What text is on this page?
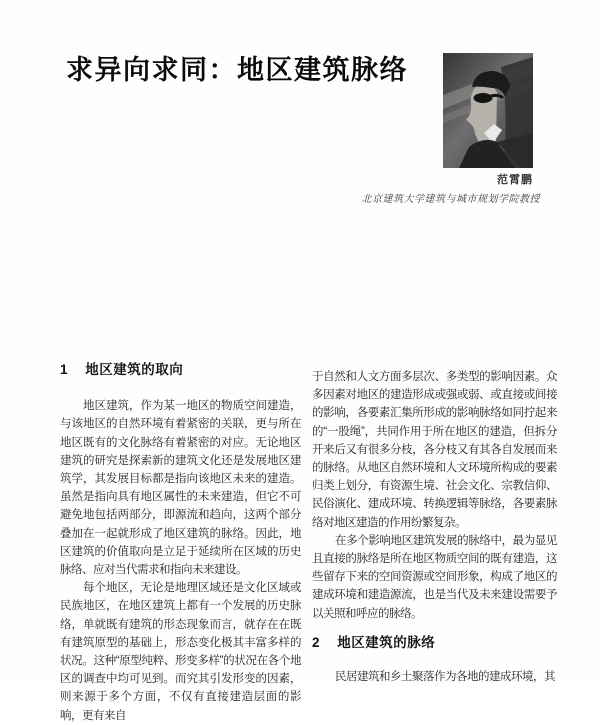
求异向求同：地区建筑脉络
范霄鹏
北京建筑大学建筑与城市规划学院教授
1 地区建筑的取向

地区建筑，作为某一地区的物质空间建造，与该地区的自然环境有着紧密的关联，更与所在地区既有的文化脉络有着紧密的对应。无论地区建筑的研究是探索新的建筑文化还是发展地区建筑学，其发展目标都是指向该地区未来的建造。虽然是指向具有地区属性的未来建造，但它不可避免地包括两部分，即源流和趋向，这两个部分叠加在一起就形成了地区建筑的脉络。因此，地区建筑的价值取向是立足于延续所在区域的历史脉络、应对当代需求和指向未来建设。

每个地区，无论是地理区域还是文化区域或民族地区，在地区建筑上都有一个发展的历史脉络，单就既有建筑的形态现象而言，就存在在既有建筑原型的基础上，形态变化极其丰富多样的状况。这种“原型纯粹、形变多样”的状况在各个地区的调查中均可见到。而究其引发形变的因素，则来源于多个方面，不仅有直接建造层面的影响，更有来自

于自然和人文方面多层次、多类型的影响因素。众多因素对地区的建造形成或强或弱、或直接或间接的影响，各要素汇集所形成的影响脉络如同拧起来的“一股绳”，共同作用于所在地区的建造，但拆分开来后又有很多分枝，各分枝又有其各自发展而来的脉络。从地区自然环境和人文环境所构成的要素归类上划分，有资源生境、社会文化、宗教信仰、民俗演化、建成环境、转换逻辑等脉络，各要素脉络对地区建造的作用纷繁复杂。

在多个影响地区建筑发展的脉络中，最为显见且直接的脉络是所在地区物质空间的既有建造，这些留存下来的空间资源或空间形象，构成了地区的建成环境和建造源流，也是当代及未来建设需要予以关照和呼应的脉络。

2 地区建筑的脉络

民居建筑和乡土聚落作为各地的建成环境，其
